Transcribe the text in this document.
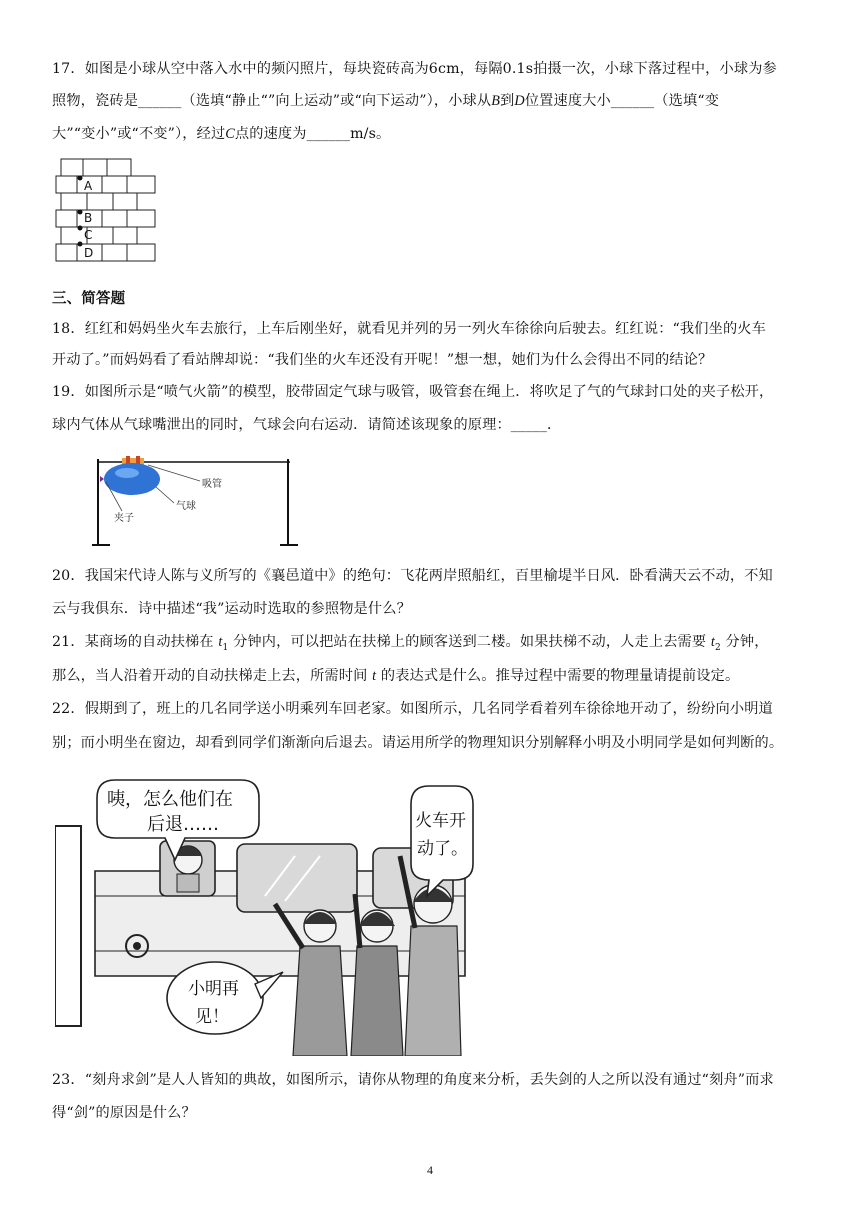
17．如图是小球从空中落入水中的频闪照片，每块瓷砖高为6cm，每隔0.1s拍摄一次，小球下落过程中，小球为参

照物，瓷砖是______（选填“静止“”向上运动”或“向下运动”），小球从B到D位置速度大小______（选填“变

大”“变小”或“不变”），经过C点的速度为______m/s。

A
B
C
D

三、简答题

18．红红和妈妈坐火车去旅行，上车后刚坐好，就看见并列的另一列火车徐徐向后驶去。红红说：“我们坐的火车

开动了。”而妈妈看了看站牌却说：“我们坐的火车还没有开呢！”想一想，她们为什么会得出不同的结论？

19．如图所示是“喷气火箭”的模型，胶带固定气球与吸管，吸管套在绳上．将吹足了气的气球封口处的夹子松开，

球内气体从气球嘴泄出的同时，气球会向右运动．请简述该现象的原理：_____．

吸管
气球
夹子

20．我国宋代诗人陈与义所写的《襄邑道中》的绝句：飞花两岸照船红，百里榆堤半日风．卧看满天云不动，不知

云与我俱东．诗中描述“我”运动时选取的参照物是什么？

21．某商场的自动扶梯在 $t_1$ 分钟内，可以把站在扶梯上的顾客送到二楼。如果扶梯不动，人走上去需要 $t_2$ 分钟，

那么，当人沿着开动的自动扶梯走上去，所需时间 t 的表达式是什么。推导过程中需要的物理量请提前设定。

22．假期到了，班上的几名同学送小明乘列车回老家。如图所示，几名同学看着列车徐徐地开动了，纷纷向小明道

别；而小明坐在窗边，却看到同学们渐渐向后退去。请运用所学的物理知识分别解释小明及小明同学是如何判断的。

咦，怎么他们在
后退……	火车开
动了。
小明再
见！

23．“刻舟求剑”是人人皆知的典故，如图所示，请你从物理的角度来分析，丢失剑的人之所以没有通过“刻舟”而求

得“剑”的原因是什么？

4
